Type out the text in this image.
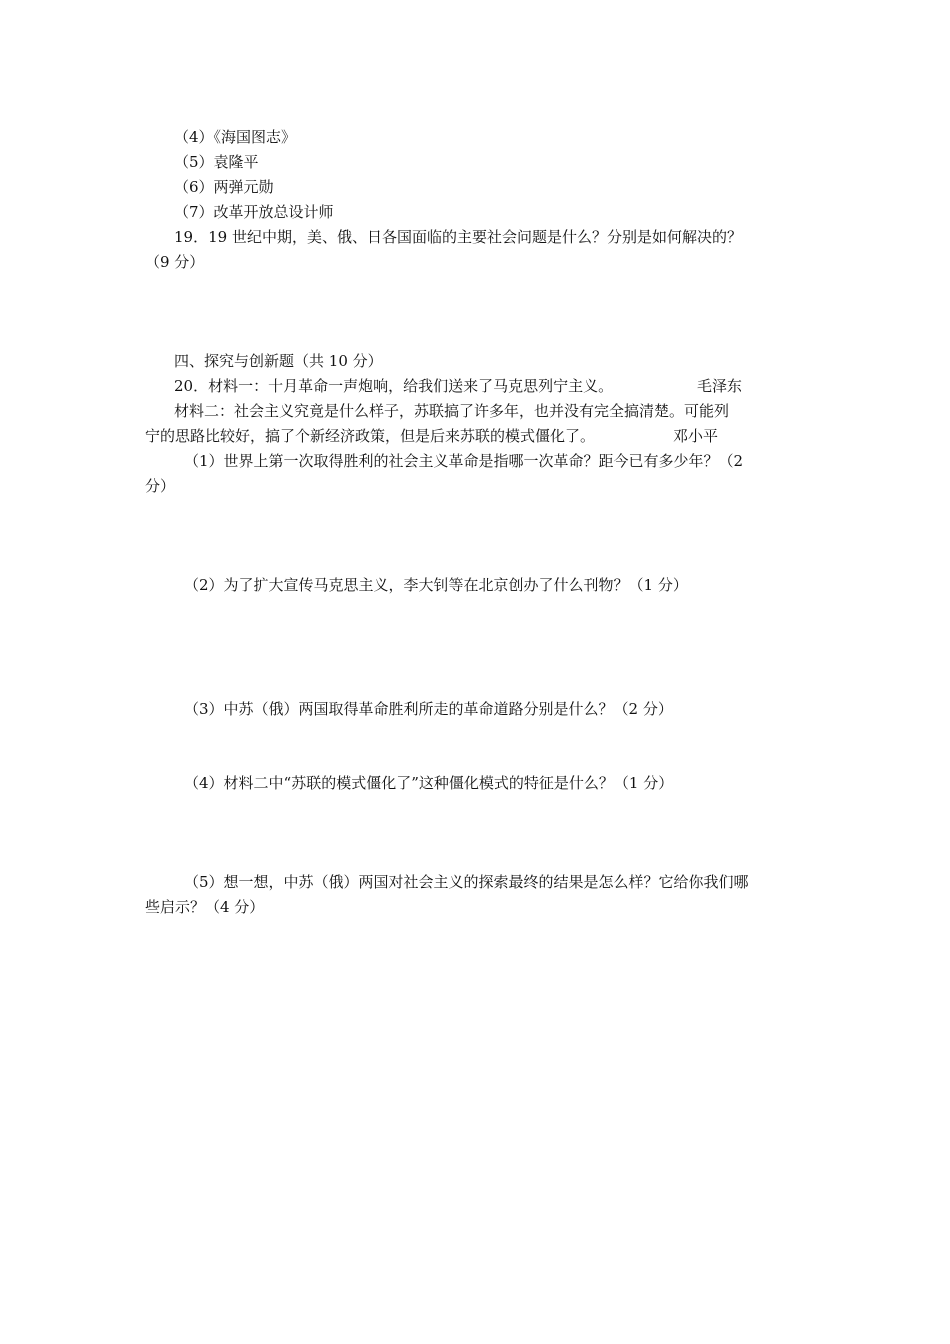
（4）《海国图志》
（5）袁隆平
（6）两弹元勋
（7）改革开放总设计师
19．19 世纪中期，美、俄、日各国面临的主要社会问题是什么？分别是如何解决的？
（9 分）
四、探究与创新题（共 10 分）
20．材料一：十月革命一声炮响，给我们送来了马克思列宁主义。	毛泽东
材料二：社会主义究竟是什么样子，苏联搞了许多年，也并没有完全搞清楚。可能列
宁的思路比较好，搞了个新经济政策，但是后来苏联的模式僵化了。	邓小平
（1）世界上第一次取得胜利的社会主义革命是指哪一次革命？距今已有多少年？（2
分）
（2）为了扩大宣传马克思主义，李大钊等在北京创办了什么刊物？（1 分）
（3）中苏（俄）两国取得革命胜利所走的革命道路分别是什么？（2 分）
（4）材料二中“苏联的模式僵化了”这种僵化模式的特征是什么？（1 分）
（5）想一想，中苏（俄）两国对社会主义的探索最终的结果是怎么样？它给你我们哪
些启示？（4 分）
